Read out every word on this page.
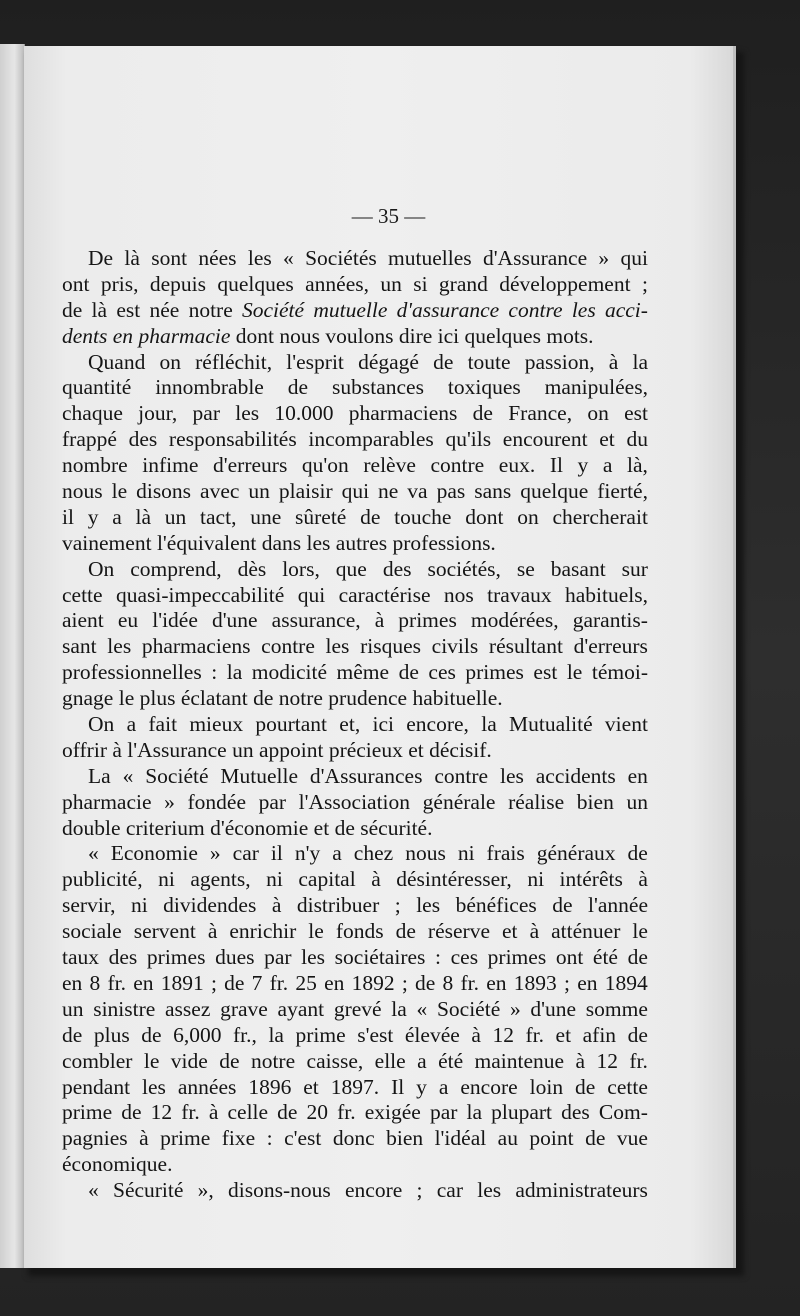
— 35 —
De là sont nées les « Sociétés mutuelles d'Assurance » qui
ont pris, depuis quelques années, un si grand développement ;
de là est née notre Société mutuelle d'assurance contre les acci-
dents
en
pharmacie
dont
nous
voulons
dire
ici
quelques
mots.

Quand on réfléchit, l'esprit dégagé de toute passion, à la
quantité innombrable de substances toxiques manipulées,
chaque jour, par les 10.000 pharmaciens de France, on est
frappé des responsabilités incomparables qu'ils encourent et du
nombre infime d'erreurs qu'on relève contre eux. Il y a là,
nous le disons avec un plaisir qui ne va pas sans quelque fierté,
il y a là un tact, une sûreté de touche dont on chercherait
vainement
l'équivalent
dans
les
autres
professions.

On comprend, dès lors, que des sociétés, se basant sur
cette quasi-impeccabilité qui caractérise nos travaux habituels,
aient eu l'idée d'une assurance, à primes modérées, garantis-
sant les pharmaciens contre les risques civils résultant d'erreurs
professionnelles : la modicité même de ces primes est le témoi-
gnage
le
plus
éclatant
de
notre
prudence
habituelle.

On a fait mieux pourtant et, ici encore, la Mutualité vient
offrir
à
l'Assurance
un
appoint
précieux
et
décisif.

La « Société Mutuelle d'Assurances contre les accidents en
pharmacie » fondée par l'Association générale réalise bien un
double
criterium
d'économie
et
de
sécurité.

« Economie » car il n'y a chez nous ni frais généraux de
publicité, ni agents, ni capital à désintéresser, ni intérêts à
servir, ni dividendes à distribuer ; les bénéfices de l'année
sociale servent à enrichir le fonds de réserve et à atténuer le
taux des primes dues par les sociétaires : ces primes ont été de
en 8 fr. en 1891 ; de 7 fr. 25 en 1892 ; de 8 fr. en 1893 ; en 1894
un sinistre assez grave ayant grevé la « Société » d'une somme
de plus de 6,000 fr., la prime s'est élevée à 12 fr. et afin de
combler le vide de notre caisse, elle a été maintenue à 12 fr.
pendant les années 1896 et 1897. Il y a encore loin de cette
prime de 12 fr. à celle de 20 fr. exigée par la plupart des Com-
pagnies à prime fixe : c'est donc bien l'idéal au point de vue
économique.

« Sécurité », disons-nous encore ; car les administrateurs
